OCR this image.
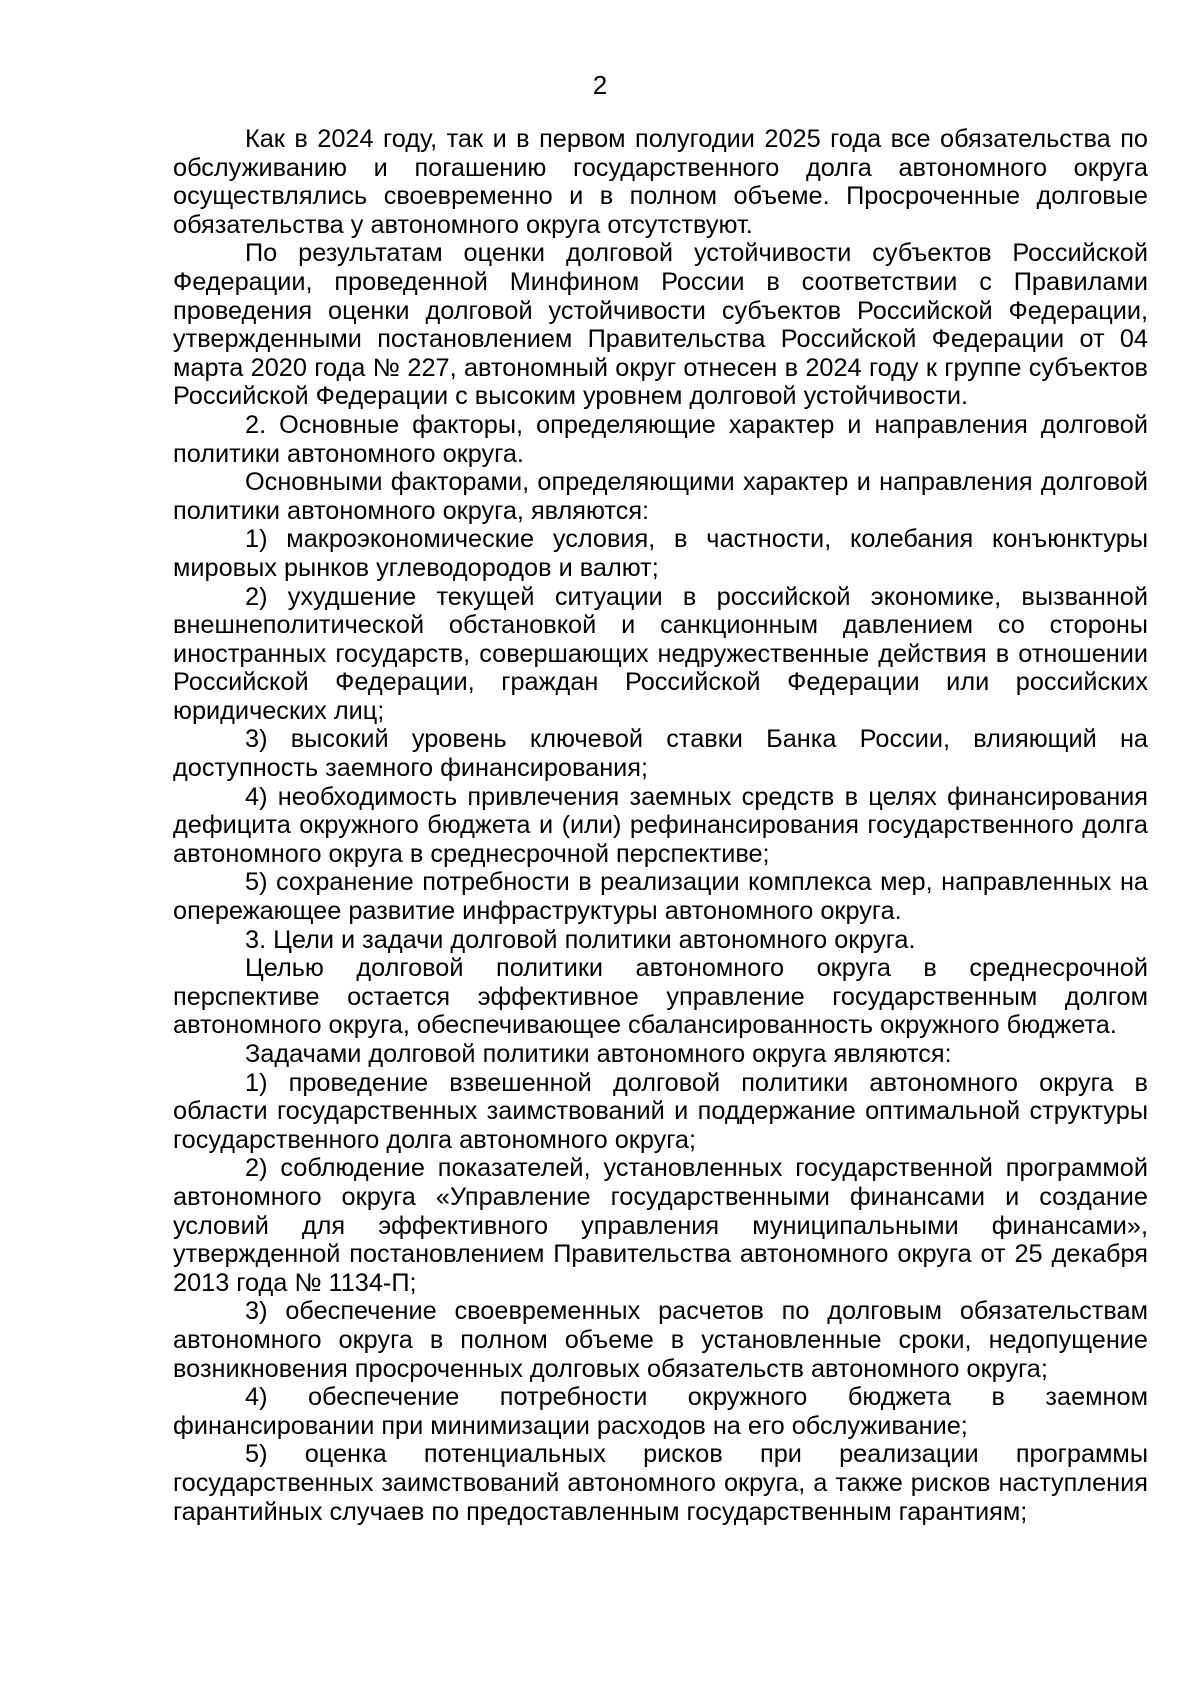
2

Как в 2024 году, так и в первом полугодии 2025 года все обязательства по обслуживанию и погашению государственного долга автономного округа осуществлялись своевременно и в полном объеме. Просроченные долговые обязательства у автономного округа отсутствуют.

По результатам оценки долговой устойчивости субъектов Российской Федерации, проведенной Минфином России в соответствии с Правилами проведения оценки долговой устойчивости субъектов Российской Федерации, утвержденными постановлением Правительства Российской Федерации от 04 марта 2020 года № 227, автономный округ отнесен в 2024 году к группе субъектов Российской Федерации с высоким уровнем долговой устойчивости.

2. Основные факторы, определяющие характер и направления долговой политики автономного округа.

Основными факторами, определяющими характер и направления долговой политики автономного округа, являются:

1) макроэкономические условия, в частности, колебания конъюнктуры мировых рынков углеводородов и валют;

2) ухудшение текущей ситуации в российской экономике, вызванной внешнеполитической обстановкой и санкционным давлением со стороны иностранных государств, совершающих недружественные действия в отношении Российской Федерации, граждан Российской Федерации или российских юридических лиц;

3) высокий уровень ключевой ставки Банка России, влияющий на доступность заемного финансирования;

4) необходимость привлечения заемных средств в целях финансирования дефицита окружного бюджета и (или) рефинансирования государственного долга автономного округа в среднесрочной перспективе;

5) сохранение потребности в реализации комплекса мер, направленных на опережающее развитие инфраструктуры автономного округа.

3. Цели и задачи долговой политики автономного округа.

Целью долговой политики автономного округа в среднесрочной перспективе остается эффективное управление государственным долгом автономного округа, обеспечивающее сбалансированность окружного бюджета.

Задачами долговой политики автономного округа являются:

1) проведение взвешенной долговой политики автономного округа в области государственных заимствований и поддержание оптимальной структуры государственного долга автономного округа;

2) соблюдение показателей, установленных государственной программой автономного округа «Управление государственными финансами и создание условий для эффективного управления муниципальными финансами», утвержденной постановлением Правительства автономного округа от 25 декабря 2013 года № 1134-П;

3) обеспечение своевременных расчетов по долговым обязательствам автономного округа в полном объеме в установленные сроки, недопущение возникновения просроченных долговых обязательств автономного округа;

4) обеспечение потребности окружного бюджета в заемном финансировании при минимизации расходов на его обслуживание;

5) оценка потенциальных рисков при реализации программы государственных заимствований автономного округа, а также рисков наступления гарантийных случаев по предоставленным государственным гарантиям;
